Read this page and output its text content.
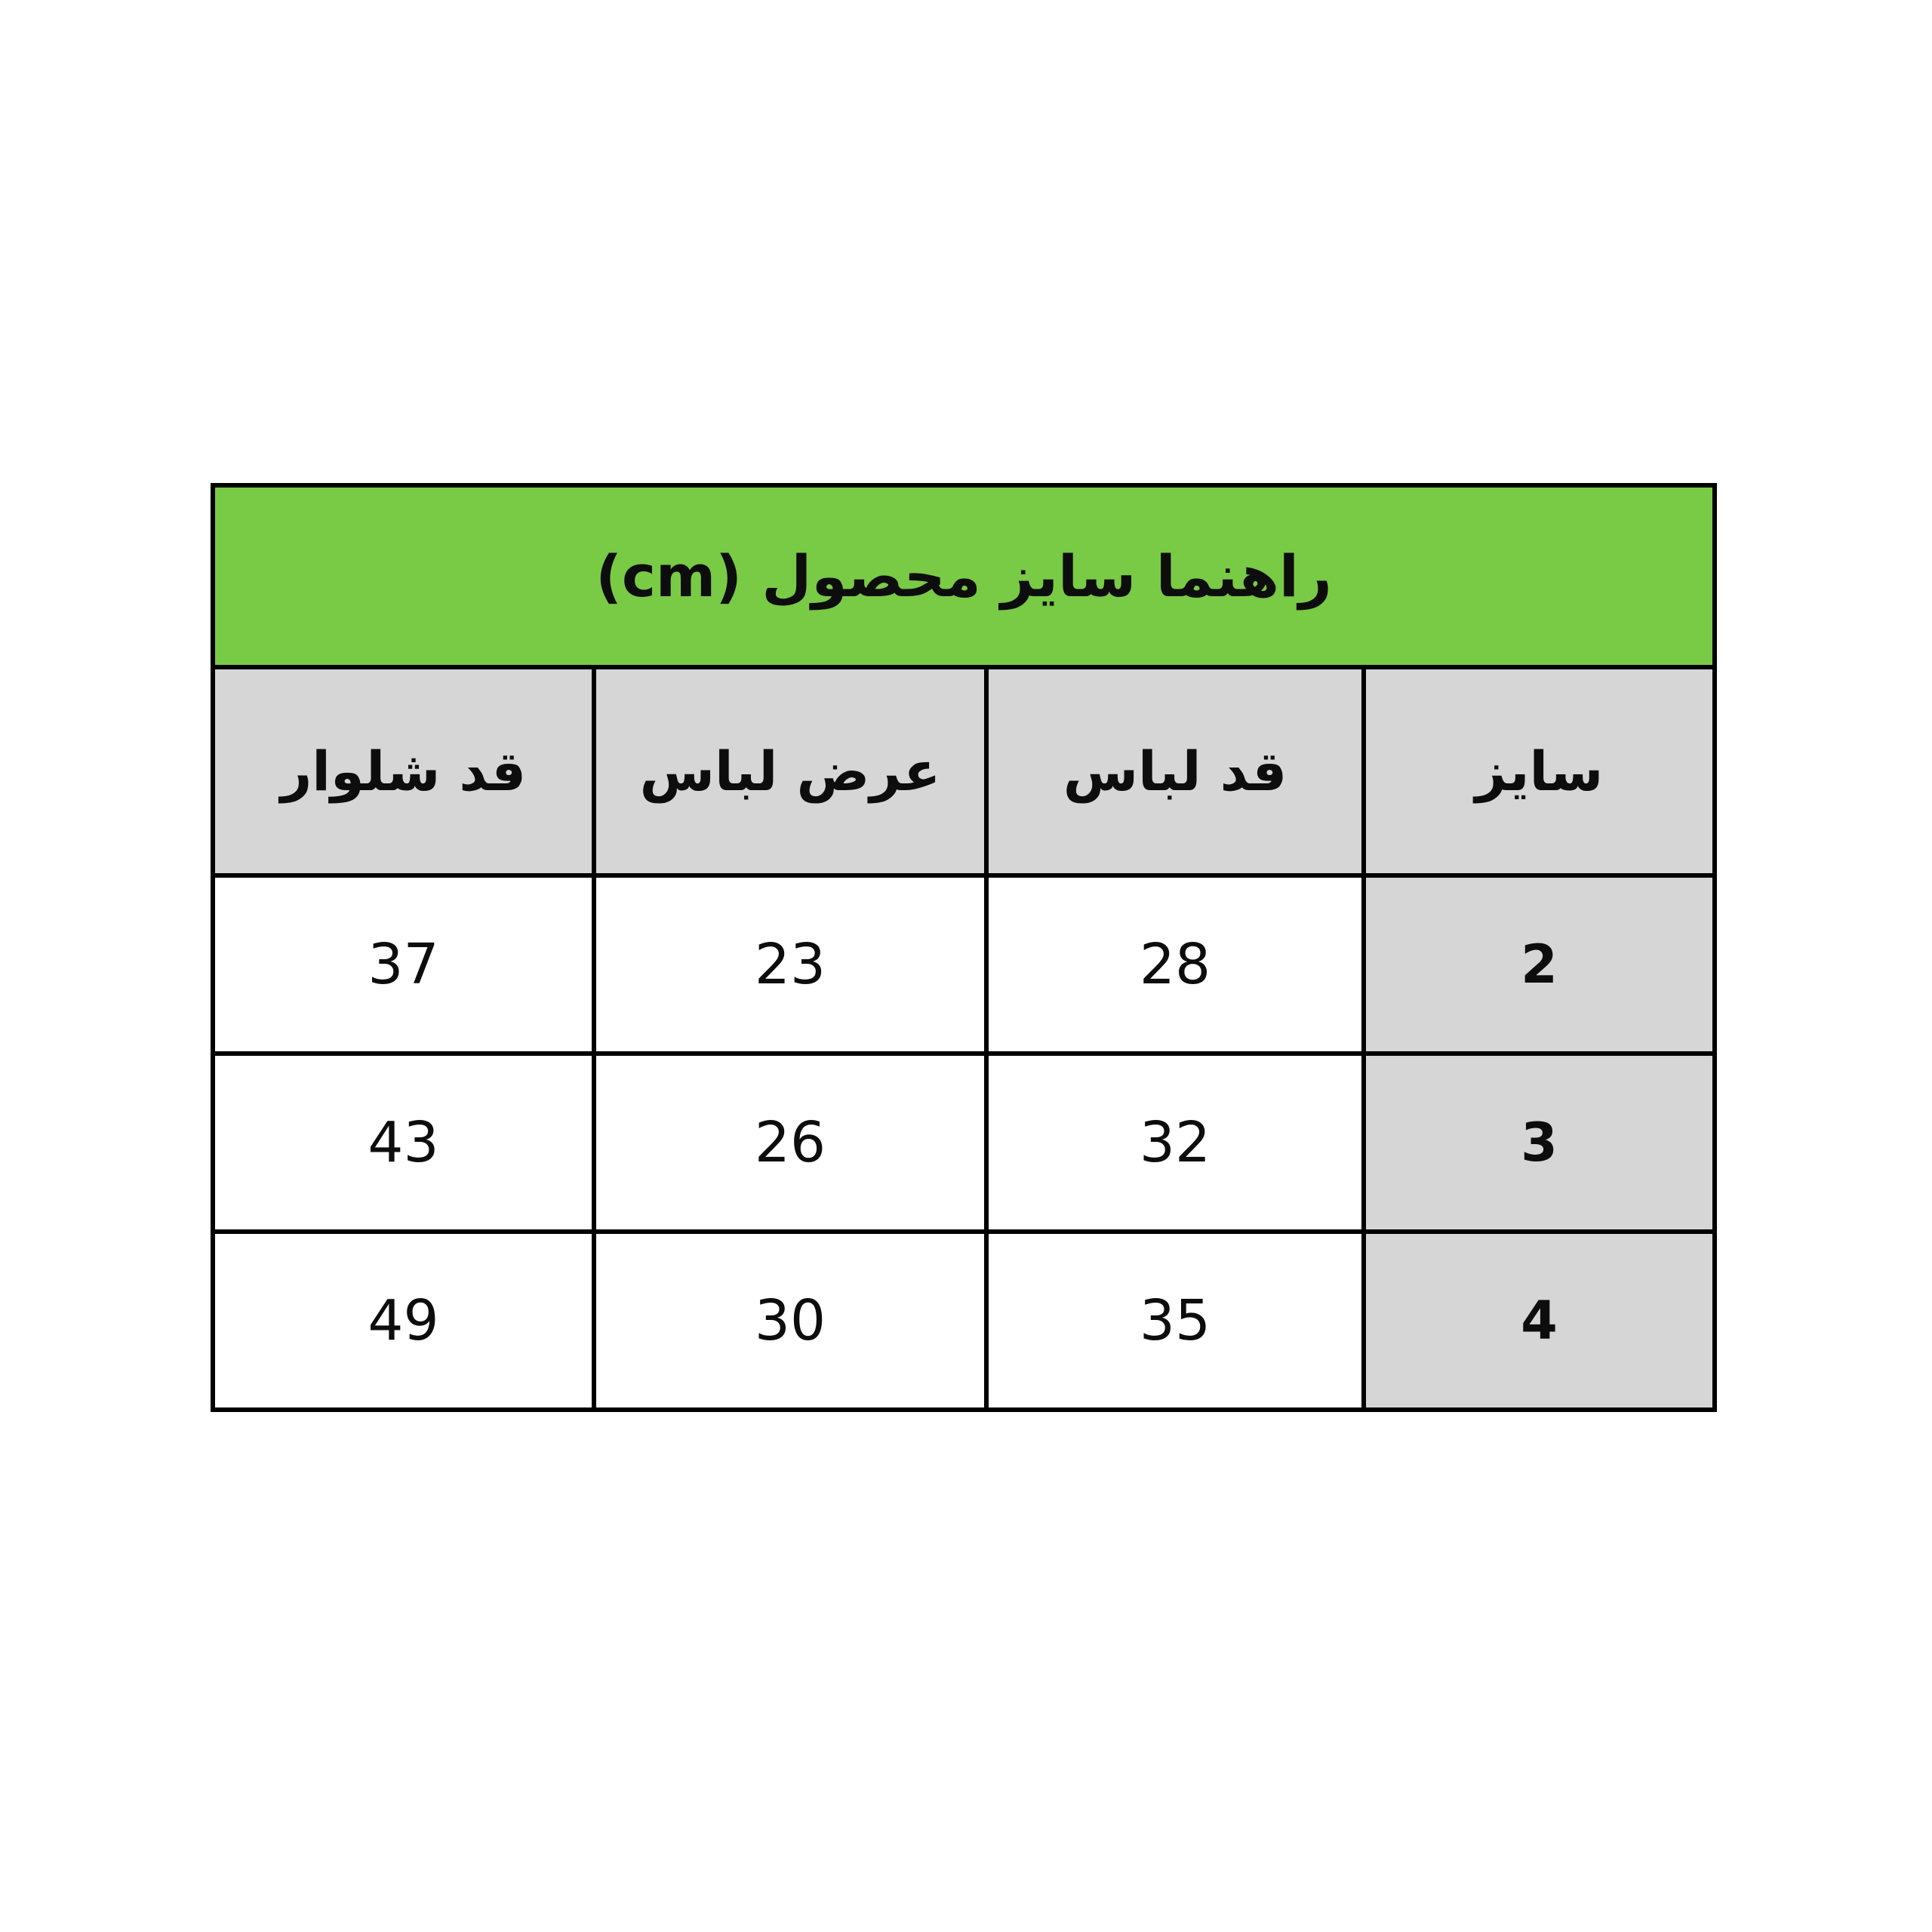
راهنما سایز محصول (cm)			

سایز	قد لباس	عرض لباس	قد شلوار
2	28	23	37
3	32	26	43
4	35	30	49
